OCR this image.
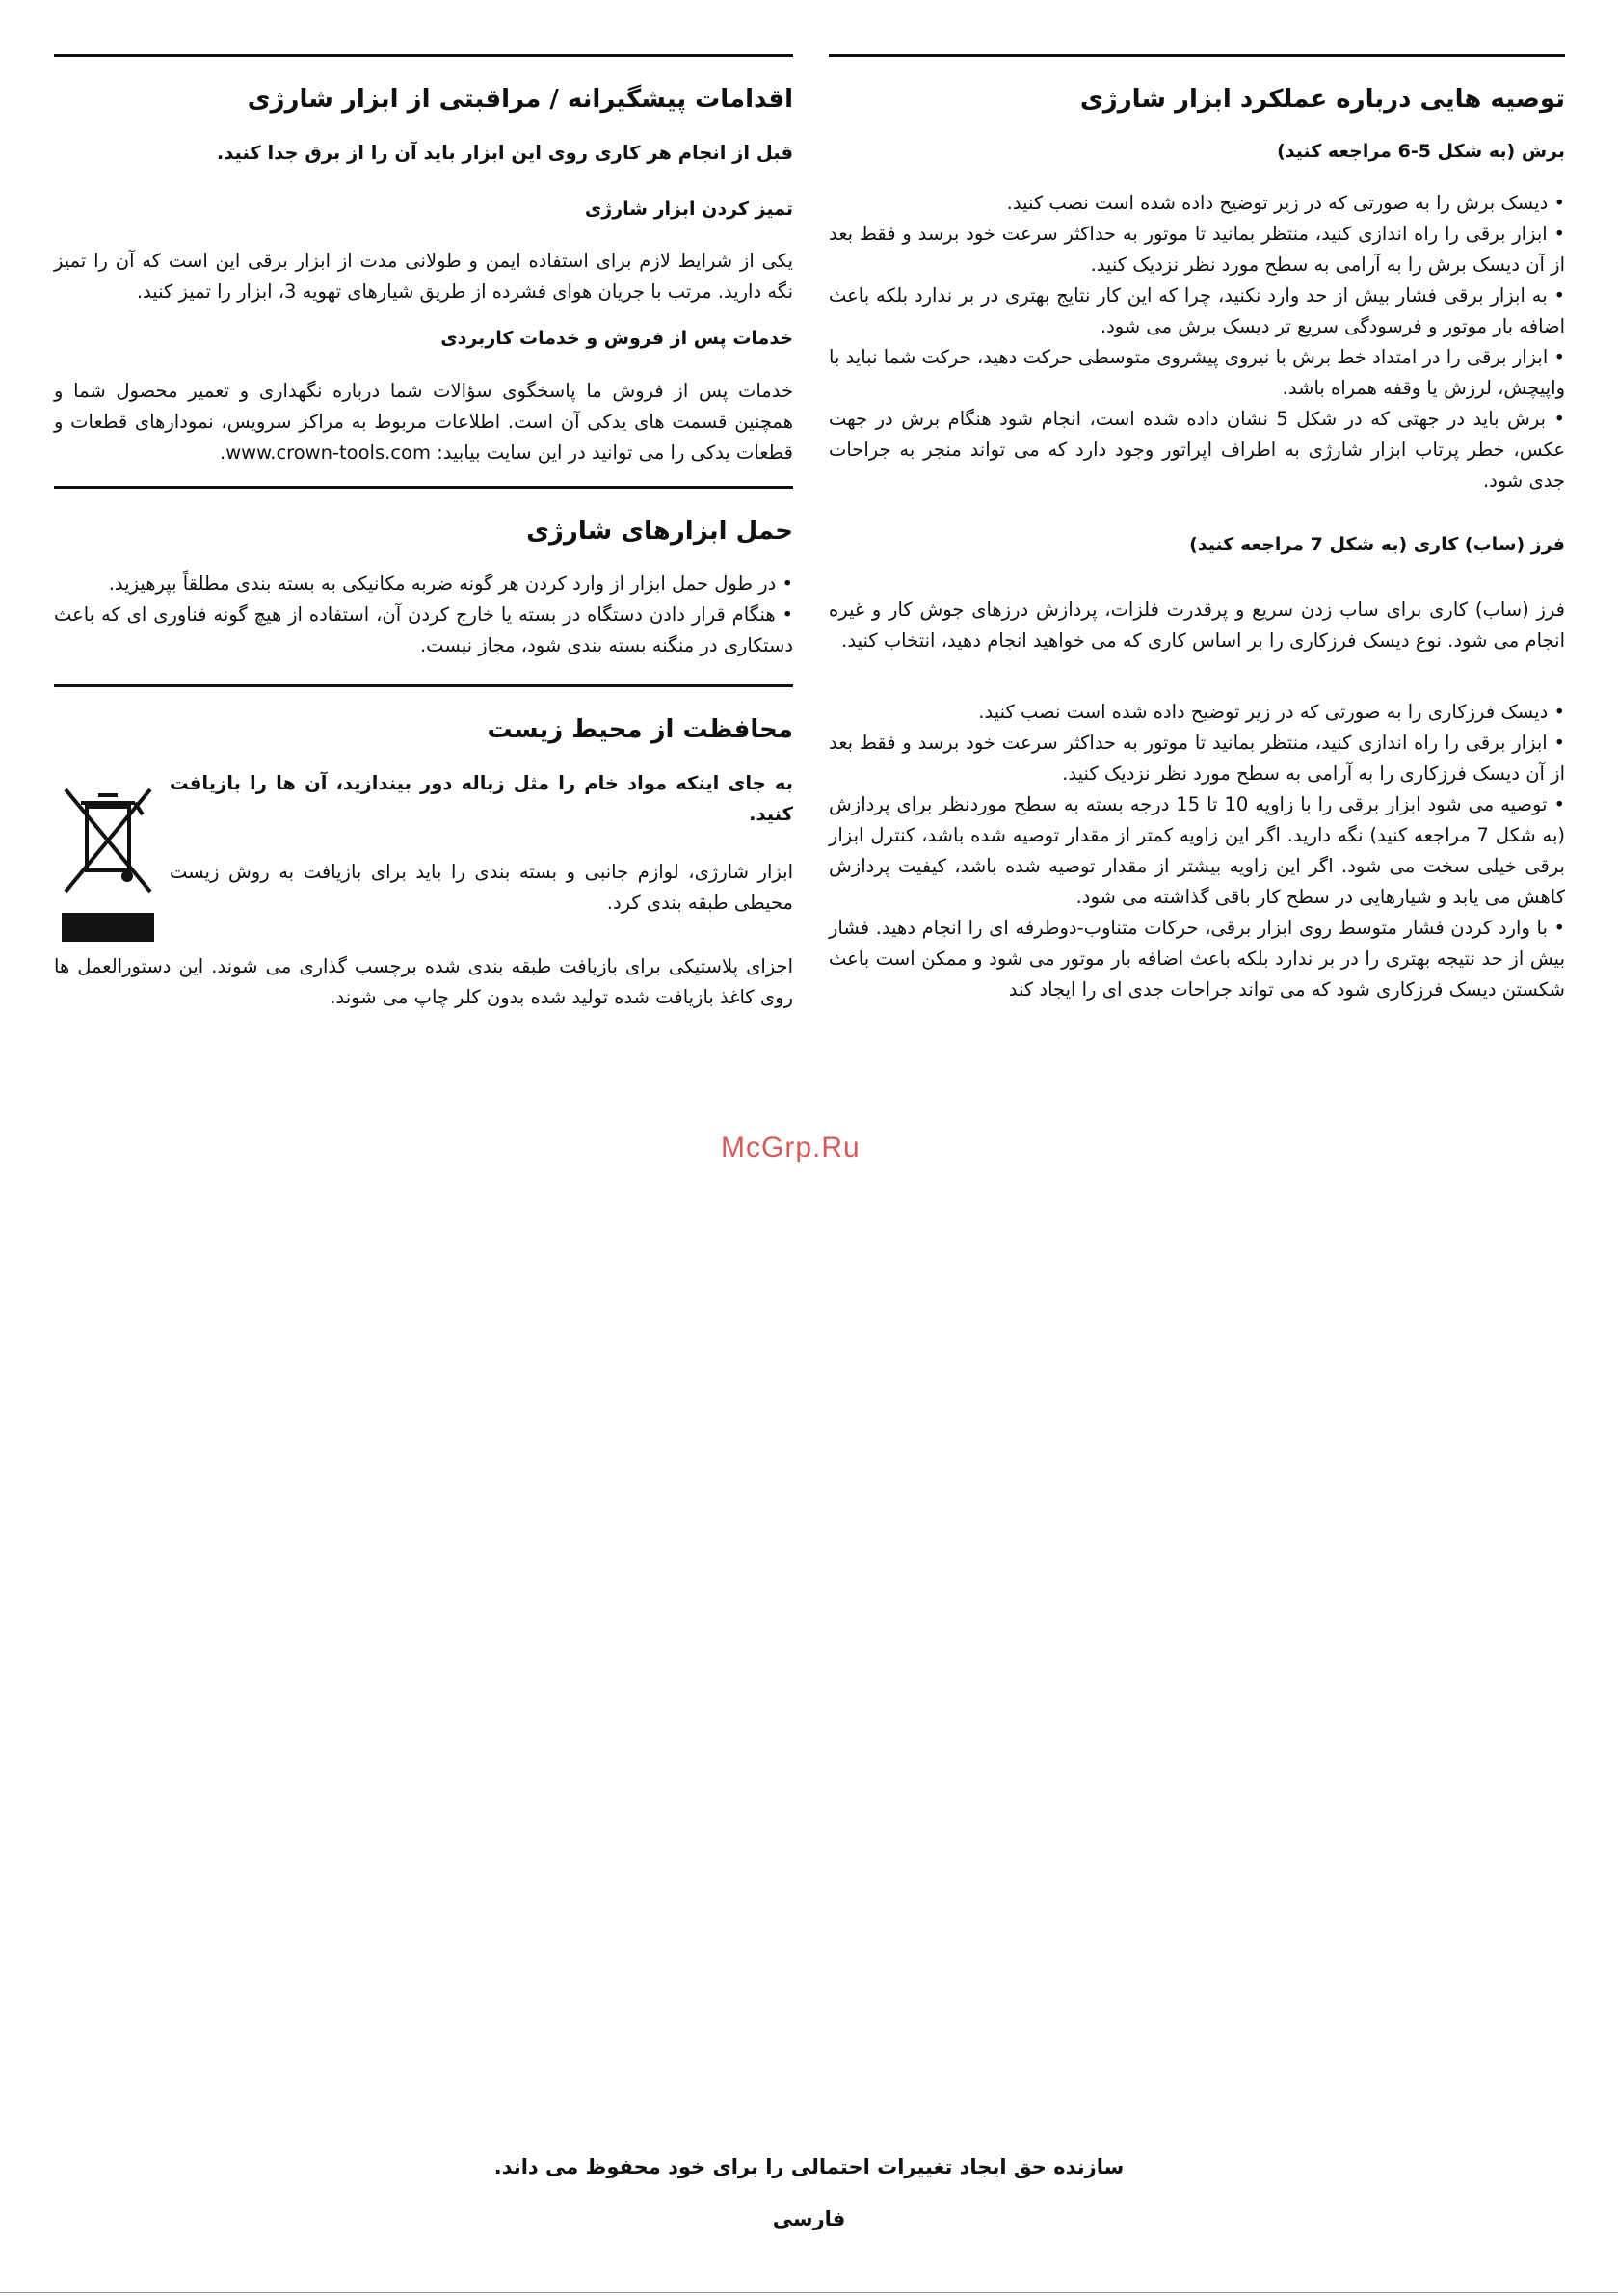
توصیه هایی درباره عملکرد ابزار شارژی
برش (به شکل 5-6 مراجعه کنید)

• دیسک برش را به صورتی که در زیر توضیح داده شده است نصب کنید.

• ابزار برقی را راه اندازی کنید، منتظر بمانید تا موتور به حداکثر سرعت خود برسد و فقط بعد از آن دیسک برش را به آرامی به سطح مورد نظر نزدیک کنید.

• به ابزار برقی فشار بیش از حد وارد نکنید، چرا که این کار نتایج بهتری در بر ندارد بلکه باعث اضافه بار موتور و فرسودگی سریع تر دیسک برش می شود.

• ابزار برقی را در امتداد خط برش با نیروی پیشروی متوسطی حرکت دهید، حرکت شما نباید با واپیچش، لرزش یا وقفه همراه باشد.

• برش باید در جهتی که در شکل 5 نشان داده شده است، انجام شود هنگام برش در جهت عکس، خطر پرتاب ابزار شارژی به اطراف اپراتور وجود دارد که می تواند منجر به جراحات جدی شود.

فرز (ساب) کاری (به شکل 7 مراجعه کنید)

فرز (ساب) کاری برای ساب زدن سریع و پرقدرت فلزات، پردازش درزهای جوش کار و غیره انجام می شود. نوع دیسک فرزکاری را بر اساس کاری که می خواهید انجام دهید، انتخاب کنید.

• دیسک فرزکاری را به صورتی که در زیر توضیح داده شده است نصب کنید.

• ابزار برقی را راه اندازی کنید، منتظر بمانید تا موتور به حداکثر سرعت خود برسد و فقط بعد از آن دیسک فرزکاری را به آرامی به سطح مورد نظر نزدیک کنید.

• توصیه می شود ابزار برقی را با زاویه 10 تا 15 درجه بسته به سطح موردنظر برای پردازش (به شکل 7 مراجعه کنید) نگه دارید. اگر این زاویه کمتر از مقدار توصیه شده باشد، کنترل ابزار برقی خیلی سخت می شود. اگر این زاویه بیشتر از مقدار توصیه شده باشد، کیفیت پردازش کاهش می یابد و شیارهایی در سطح کار باقی گذاشته می شود.

• با وارد کردن فشار متوسط روی ابزار برقی، حرکات متناوب-دوطرفه ای را انجام دهید. فشار بیش از حد نتیجه بهتری را در بر ندارد بلکه باعث اضافه بار موتور می شود و ممکن است باعث شکستن دیسک فرزکاری شود که می تواند جراحات جدی ای را ایجاد کند

اقدامات پیشگیرانه / مراقبتی از ابزار شارژی

قبل از انجام هر کاری روی این ابزار باید آن را از برق جدا کنید.

تمیز کردن ابزار شارژی

یکی از شرایط لازم برای استفاده ایمن و طولانی مدت از ابزار برقی این است که آن را تمیز نگه دارید. مرتب با جریان هوای فشرده از طریق شیارهای تهویه 3، ابزار را تمیز کنید.

خدمات پس از فروش و خدمات کاربردی

خدمات پس از فروش ما پاسخگوی سؤالات شما درباره نگهداری و تعمیر محصول شما و همچنین قسمت های یدکی آن است. اطلاعات مربوط به مراکز سرویس، نمودارهای قطعات و قطعات یدکی را می توانید در این سایت بیابید: www.crown-tools.com.

حمل ابزارهای شارژی

• در طول حمل ابزار از وارد کردن هر گونه ضربه مکانیکی به بسته بندی مطلقاً بپرهیزید.

• هنگام قرار دادن دستگاه در بسته یا خارج کردن آن، استفاده از هیچ گونه فناوری ای که باعث دستکاری در منگنه بسته بندی شود، مجاز نیست.

محافظت از محیط زیست

به جای اینکه مواد خام را مثل زباله دور بیندازید، آن ها را بازیافت کنید.

ابزار شارژی، لوازم جانبی و بسته بندی را باید برای بازیافت به روش زیست محیطی طبقه بندی کرد.

اجزای پلاستیکی برای بازیافت طبقه بندی شده برچسب گذاری می شوند. این دستورالعمل ها روی کاغذ بازیافت شده تولید شده بدون کلر چاپ می شوند.

McGrp.Ru
سازنده حق ایجاد تغییرات احتمالی را برای خود محفوظ می داند.
فارسی
